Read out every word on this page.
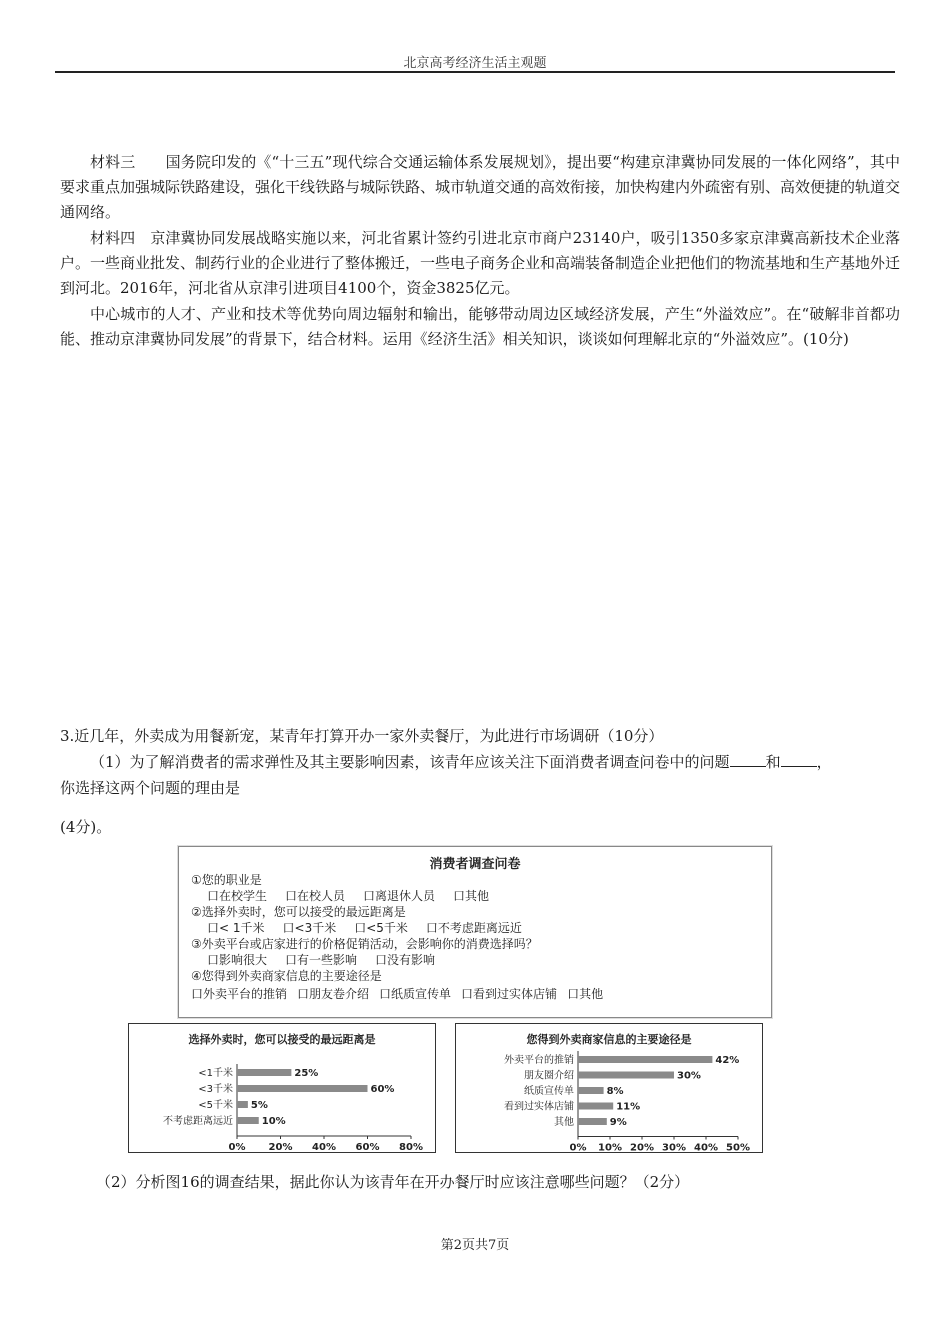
北京高考经济生活主观题
材料三　　国务院印发的《“十三五”现代综合交通运输体系发展规划》，提出要“构建京津冀协同发展的一体化网络”，其中要求重点加强城际铁路建设，强化干线铁路与城际铁路、城市轨道交通的高效衔接，加快构建内外疏密有别、高效便捷的轨道交通网络。
材料四　京津冀协同发展战略实施以来，河北省累计签约引进北京市商户23140户，吸引1350多家京津冀高新技术企业落户。一些商业批发、制药行业的企业进行了整体搬迁，一些电子商务企业和高端装备制造企业把他们的物流基地和生产基地外迁到河北。2016年，河北省从京津引进项目4100个，资金3825亿元。
中心城市的人才、产业和技术等优势向周边辐射和输出，能够带动周边区域经济发展，产生“外溢效应”。在“破解非首都功能、推动京津冀协同发展”的背景下，结合材料。运用《经济生活》相关知识，谈谈如何理解北京的“外溢效应”。(10分)
3.近几年，外卖成为用餐新宠，某青年打算开办一家外卖餐厅，为此进行市场调研（10分）
（1）为了解消费者的需求弹性及其主要影响因素，该青年应该关注下面消费者调查问卷中的问题 和 ，
你选择这两个问题的理由是
(4分)。
消费者调查问卷
①您的职业是
口在校学生 口在校人员 口离退休人员 口其他
②选择外卖时，您可以接受的最远距离是
口< 1千米 口<3千米 口<5千米 口不考虑距离远近
③外卖平台或店家进行的价格促销活动，会影响你的消费选择吗？
口影响很大 口有一些影响 口没有影响
④您得到外卖商家信息的主要途径是
口外卖平台的推销 口朋友卷介绍 口纸质宣传单 口看到过实体店铺 口其他
选择外卖时，您可以接受的最远距离是
<1千米	25%
<3千米	60%
<5千米 5%
不考虑距离远近	10%
0% 20% 40% 60% 80%
您得到外卖商家信息的主要途径是
外卖平台的推销	42%
朋友圈介绍	30%
纸质宣传单	8%
看到过实体店铺	11%
其他	9%
0% 10% 20% 30% 40% 50%
（2）分析图16的调查结果，据此你认为该青年在开办餐厅时应该注意哪些问题？（2分）
第2页共7页
